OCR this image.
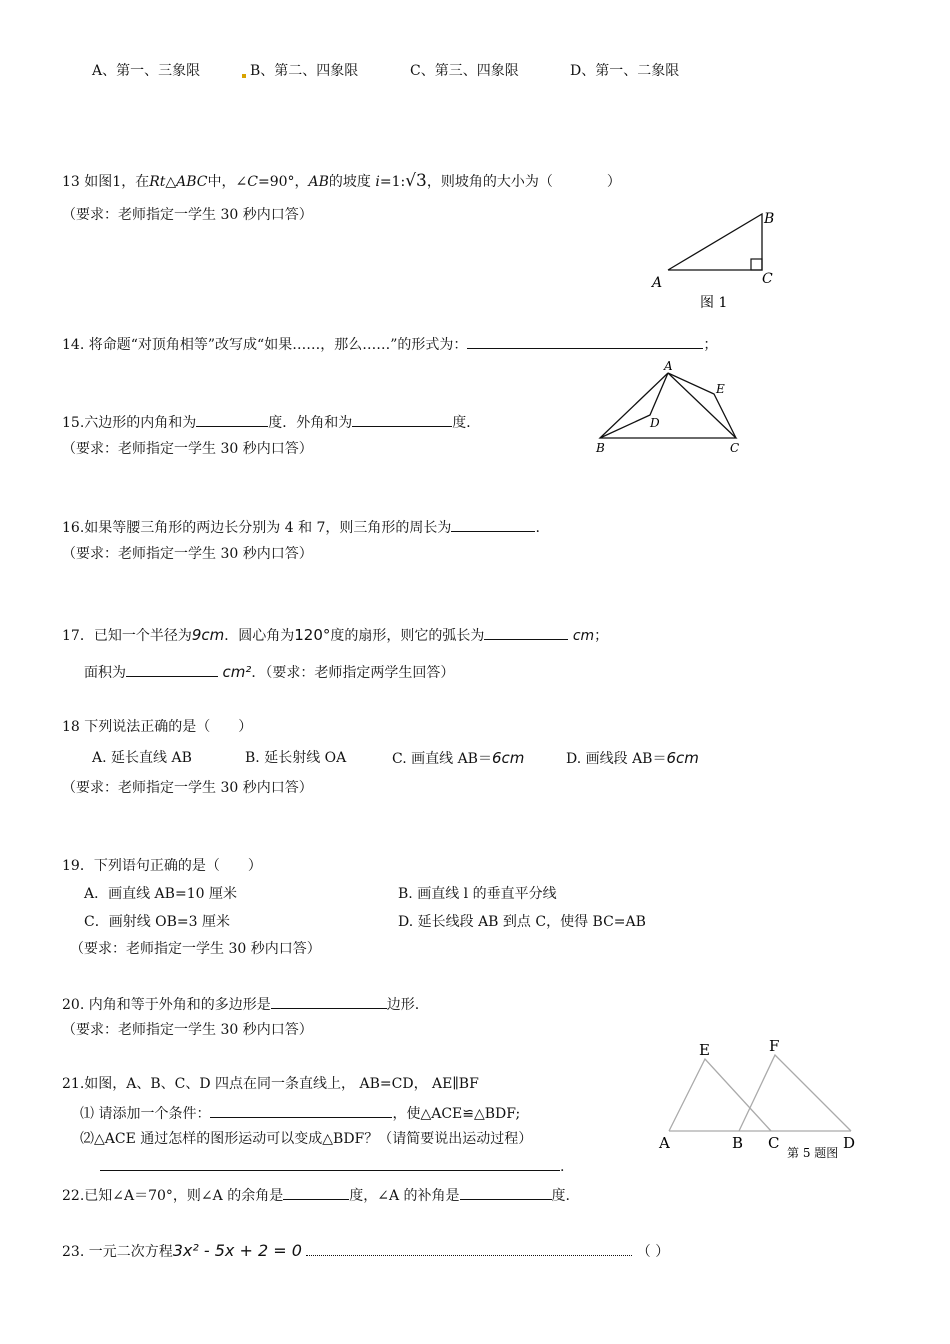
A、第一、三象限	B、第二、四象限	C、第三、四象限	D、第一、二象限
13 如图1，在Rt△ABC中，∠C=90°，AB的坡度 i=1:√3，则坡角的大小为（	）
（要求：老师指定一学生 30 秒内口答）
A
B
C
图 1
14. 将命题“对顶角相等”改写成“如果……，那么……”的形式为：	；
15.六边形的内角和为	度．外角和为	度．
（要求：老师指定一学生 30 秒内口答）
A
B	C
D
E
16.如果等腰三角形的两边长分别为 4 和 7，则三角形的周长为	.
（要求：老师指定一学生 30 秒内口答）
17．已知一个半径为9cm．圆心角为120°度的扇形，则它的弧长为	cm；
面积为	cm²．（要求：老师指定两学生回答）
18 下列说法正确的是（ ）
A. 延长直线 AB	B. 延长射线 OA	C. 画直线 AB＝6cm	D. 画线段 AB＝6cm
（要求：老师指定一学生 30 秒内口答）
19．下列语句正确的是（ ）
A．画直线 AB=10 厘米	B. 画直线 l 的垂直平分线
C．画射线 OB=3 厘米	D. 延长线段 AB 到点 C，使得 BC=AB
（要求：老师指定一学生 30 秒内口答）
20. 内角和等于外角和的多边形是	边形.
（要求：老师指定一学生 30 秒内口答）
21.如图，A、B、C、D 四点在同一条直线上， AB=CD， AE∥BF
⑴ 请添加一个条件：	，使△ACE≌△BDF;
⑵△ACE 通过怎样的图形运动可以变成△BDF？（请简要说出运动过程）
.
E	F
A	B C	D
第 5 题图
22.已知∠A＝70°，则∠A 的余角是	度，∠A 的补角是	度.
23. 一元二次方程3x² - 5x + 2 = 0	（ ）
